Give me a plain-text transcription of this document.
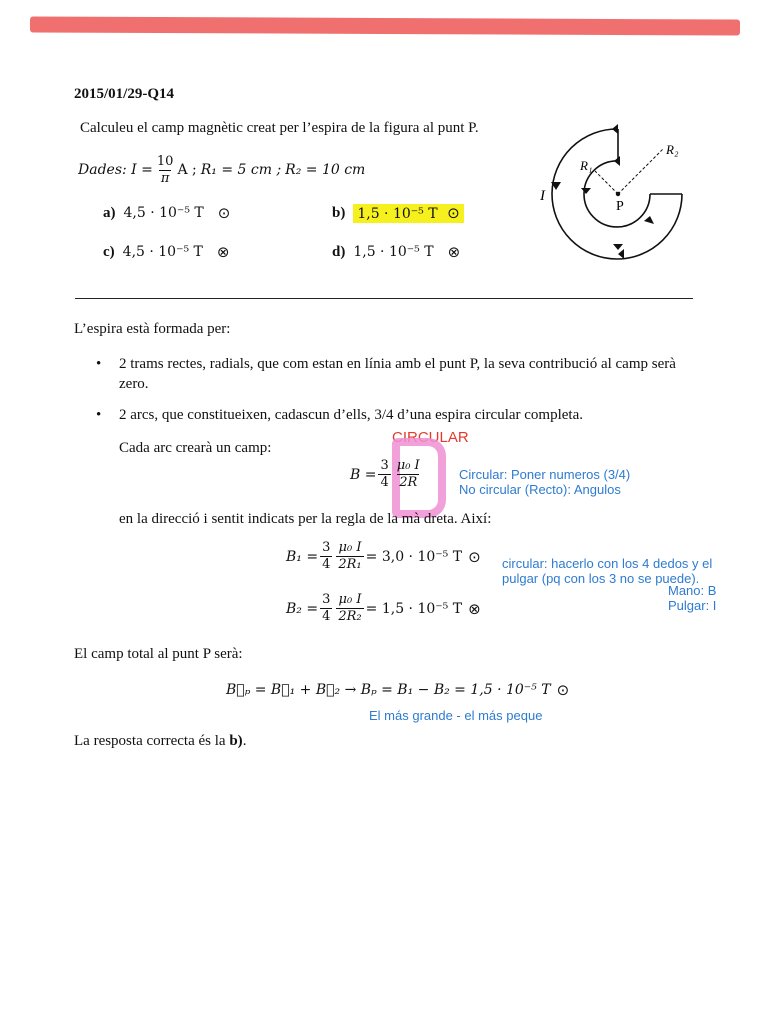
2015/01/29-Q14
Calculeu el camp magnètic creat per l’espira de la figura al punt P.
Dades : $I = \frac{10}{\pi}$ A ; R₁ = 5 cm ; R₂ = 10 cm
a) 4,5 · 10⁻⁵ T ⊙	b) 1,5 · 10⁻⁵ T ⊙
c) 4,5 · 10⁻⁵ T ⊗	d) 1,5 · 10⁻⁵ T ⊗
I
P
R₁
R₂
L’espira està formada per:
• 2 trams rectes, radials, que com estan en línia amb el punt P, la seva contribució al camp serà zero.
• 2 arcs, que constitueixen, cadascun d’ells, 3/4 d’una espira circular completa.
CIRCULAR
Cada arc crearà un camp:
$B = \frac{3}{4} \frac{\text{μ₀ I}}{2R}$	Circular: Poner numeros (3/4)
No circular (Recto): Angulos
en la direcció i sentit indicats per la regla de la mà dreta. Així:
$B_1 = \frac{3}{4} \frac{\text{μ₀ I}}{\text{2R₁}} = 3,0 \cdot 10^{-5}$ T ⊙ circular: hacerlo con los 4 dedos y el
pulgar (pq con los 3 no se puede).
Mano: B
Pulgar: I
$B_2 = \frac{3}{4} \frac{\text{μ₀ I}}{\text{2R₂}} = 1,5 \cdot 10^{-5}$ T ⊗
El camp total al punt P serà:
B⃗ₚ = B⃗₁ + B⃗₂ → Bₚ = B₁ − B₂ = 1,5 · 10⁻⁵ T ⊙
El más grande - el más peque
La resposta correcta és la b).
